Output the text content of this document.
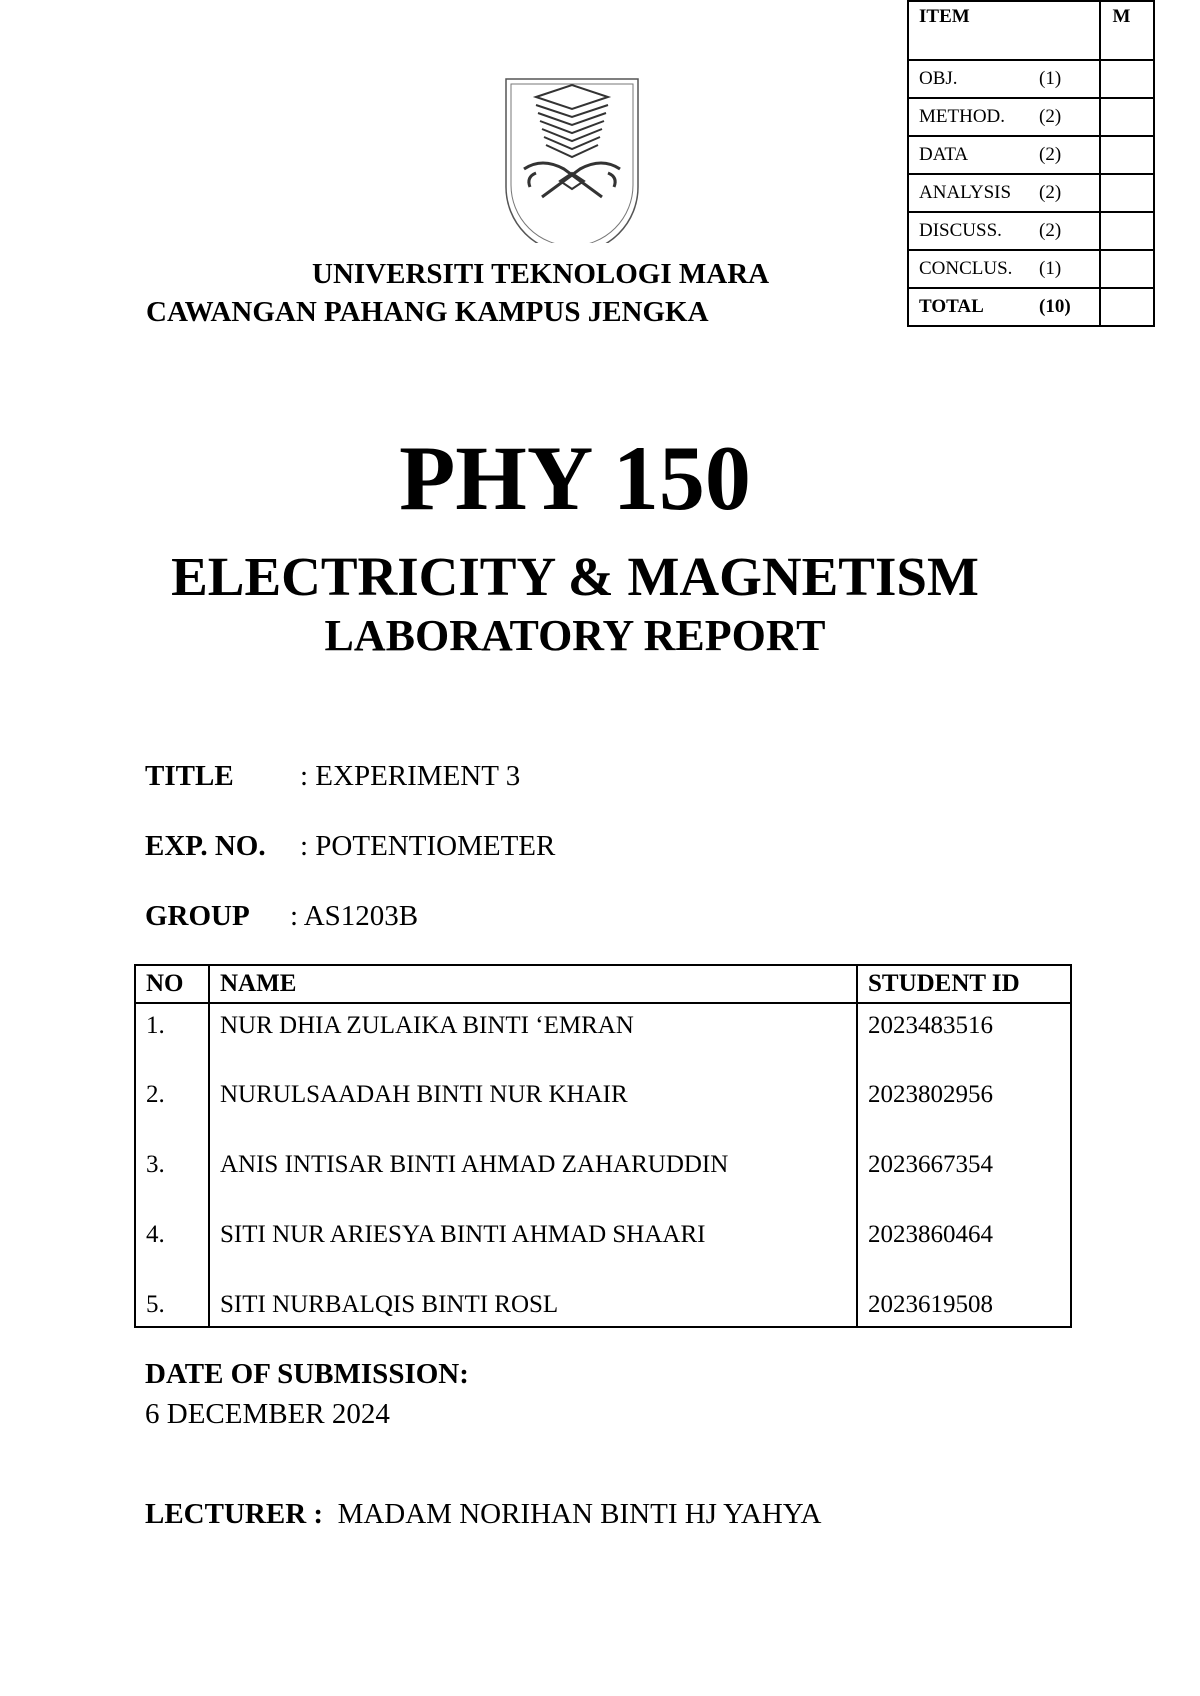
ITEM	M
OBJ. (1)	
METHOD. (2)	
DATA (2)	
ANALYSIS (2)	
DISCUSS. (2)	
CONCLUS. (1)	
TOTAL (10)	
UNIVERSITI TEKNOLOGI MARA
CAWANGAN PAHANG KAMPUS JENGKA
PHY 150
ELECTRICITY & MAGNETISM
LABORATORY REPORT
TITLE : EXPERIMENT 3
EXP. NO. : POTENTIOMETER
GROUP : AS1203B
NO	NAME	STUDENT ID
1.	NUR DHIA ZULAIKA BINTI ‘EMRAN	2023483516
2.	NURULSAADAH BINTI NUR KHAIR	2023802956
3.	ANIS INTISAR BINTI AHMAD ZAHARUDDIN	2023667354
4.	SITI NUR ARIESYA BINTI AHMAD SHAARI	2023860464
5.	SITI NURBALQIS BINTI ROSL	2023619508
DATE OF SUBMISSION:
6 DECEMBER 2024
LECTURER : MADAM NORIHAN BINTI HJ YAHYA
